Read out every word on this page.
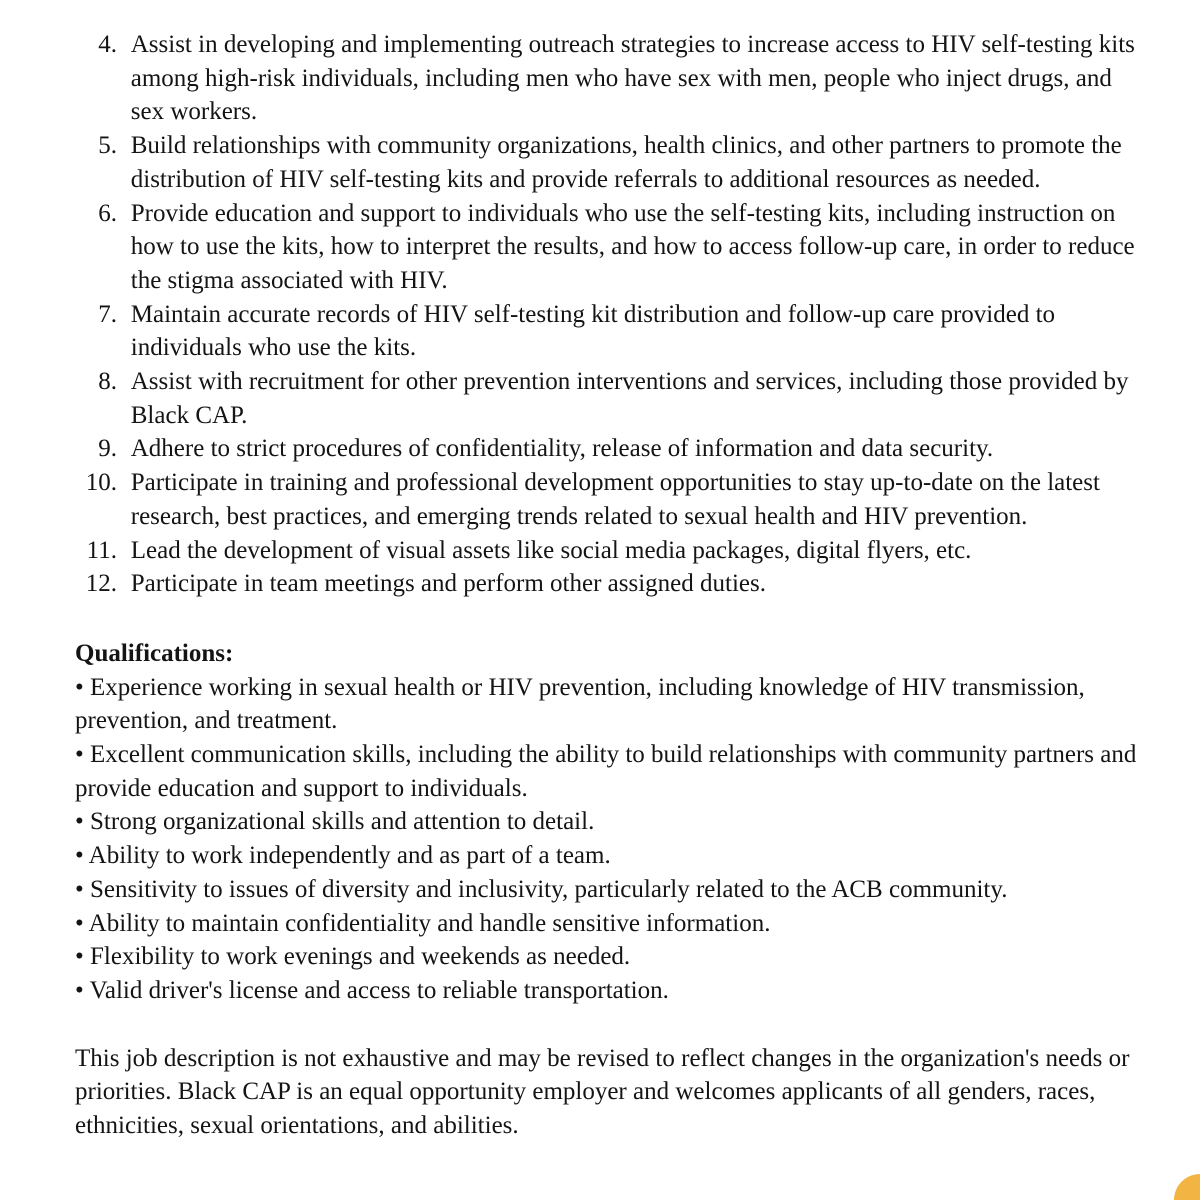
4. Assist in developing and implementing outreach strategies to increase access to HIV self-testing kits among high-risk individuals, including men who have sex with men, people who inject drugs, and sex workers.
5. Build relationships with community organizations, health clinics, and other partners to promote the distribution of HIV self-testing kits and provide referrals to additional resources as needed.
6. Provide education and support to individuals who use the self-testing kits, including instruction on how to use the kits, how to interpret the results, and how to access follow-up care, in order to reduce the stigma associated with HIV.
7. Maintain accurate records of HIV self-testing kit distribution and follow-up care provided to individuals who use the kits.
8. Assist with recruitment for other prevention interventions and services, including those provided by Black CAP.
9. Adhere to strict procedures of confidentiality, release of information and data security.
10. Participate in training and professional development opportunities to stay up-to-date on the latest research, best practices, and emerging trends related to sexual health and HIV prevention.
11. Lead the development of visual assets like social media packages, digital flyers, etc.
12. Participate in team meetings and perform other assigned duties.

Qualifications:

• Experience working in sexual health or HIV prevention, including knowledge of HIV transmission, prevention, and treatment.
• Excellent communication skills, including the ability to build relationships with community partners and provide education and support to individuals.
• Strong organizational skills and attention to detail.
• Ability to work independently and as part of a team.
• Sensitivity to issues of diversity and inclusivity, particularly related to the ACB community.
• Ability to maintain confidentiality and handle sensitive information.
• Flexibility to work evenings and weekends as needed.
• Valid driver's license and access to reliable transportation.

This job description is not exhaustive and may be revised to reflect changes in the organization's needs or priorities. Black CAP is an equal opportunity employer and welcomes applicants of all genders, races, ethnicities, sexual orientations, and abilities.
